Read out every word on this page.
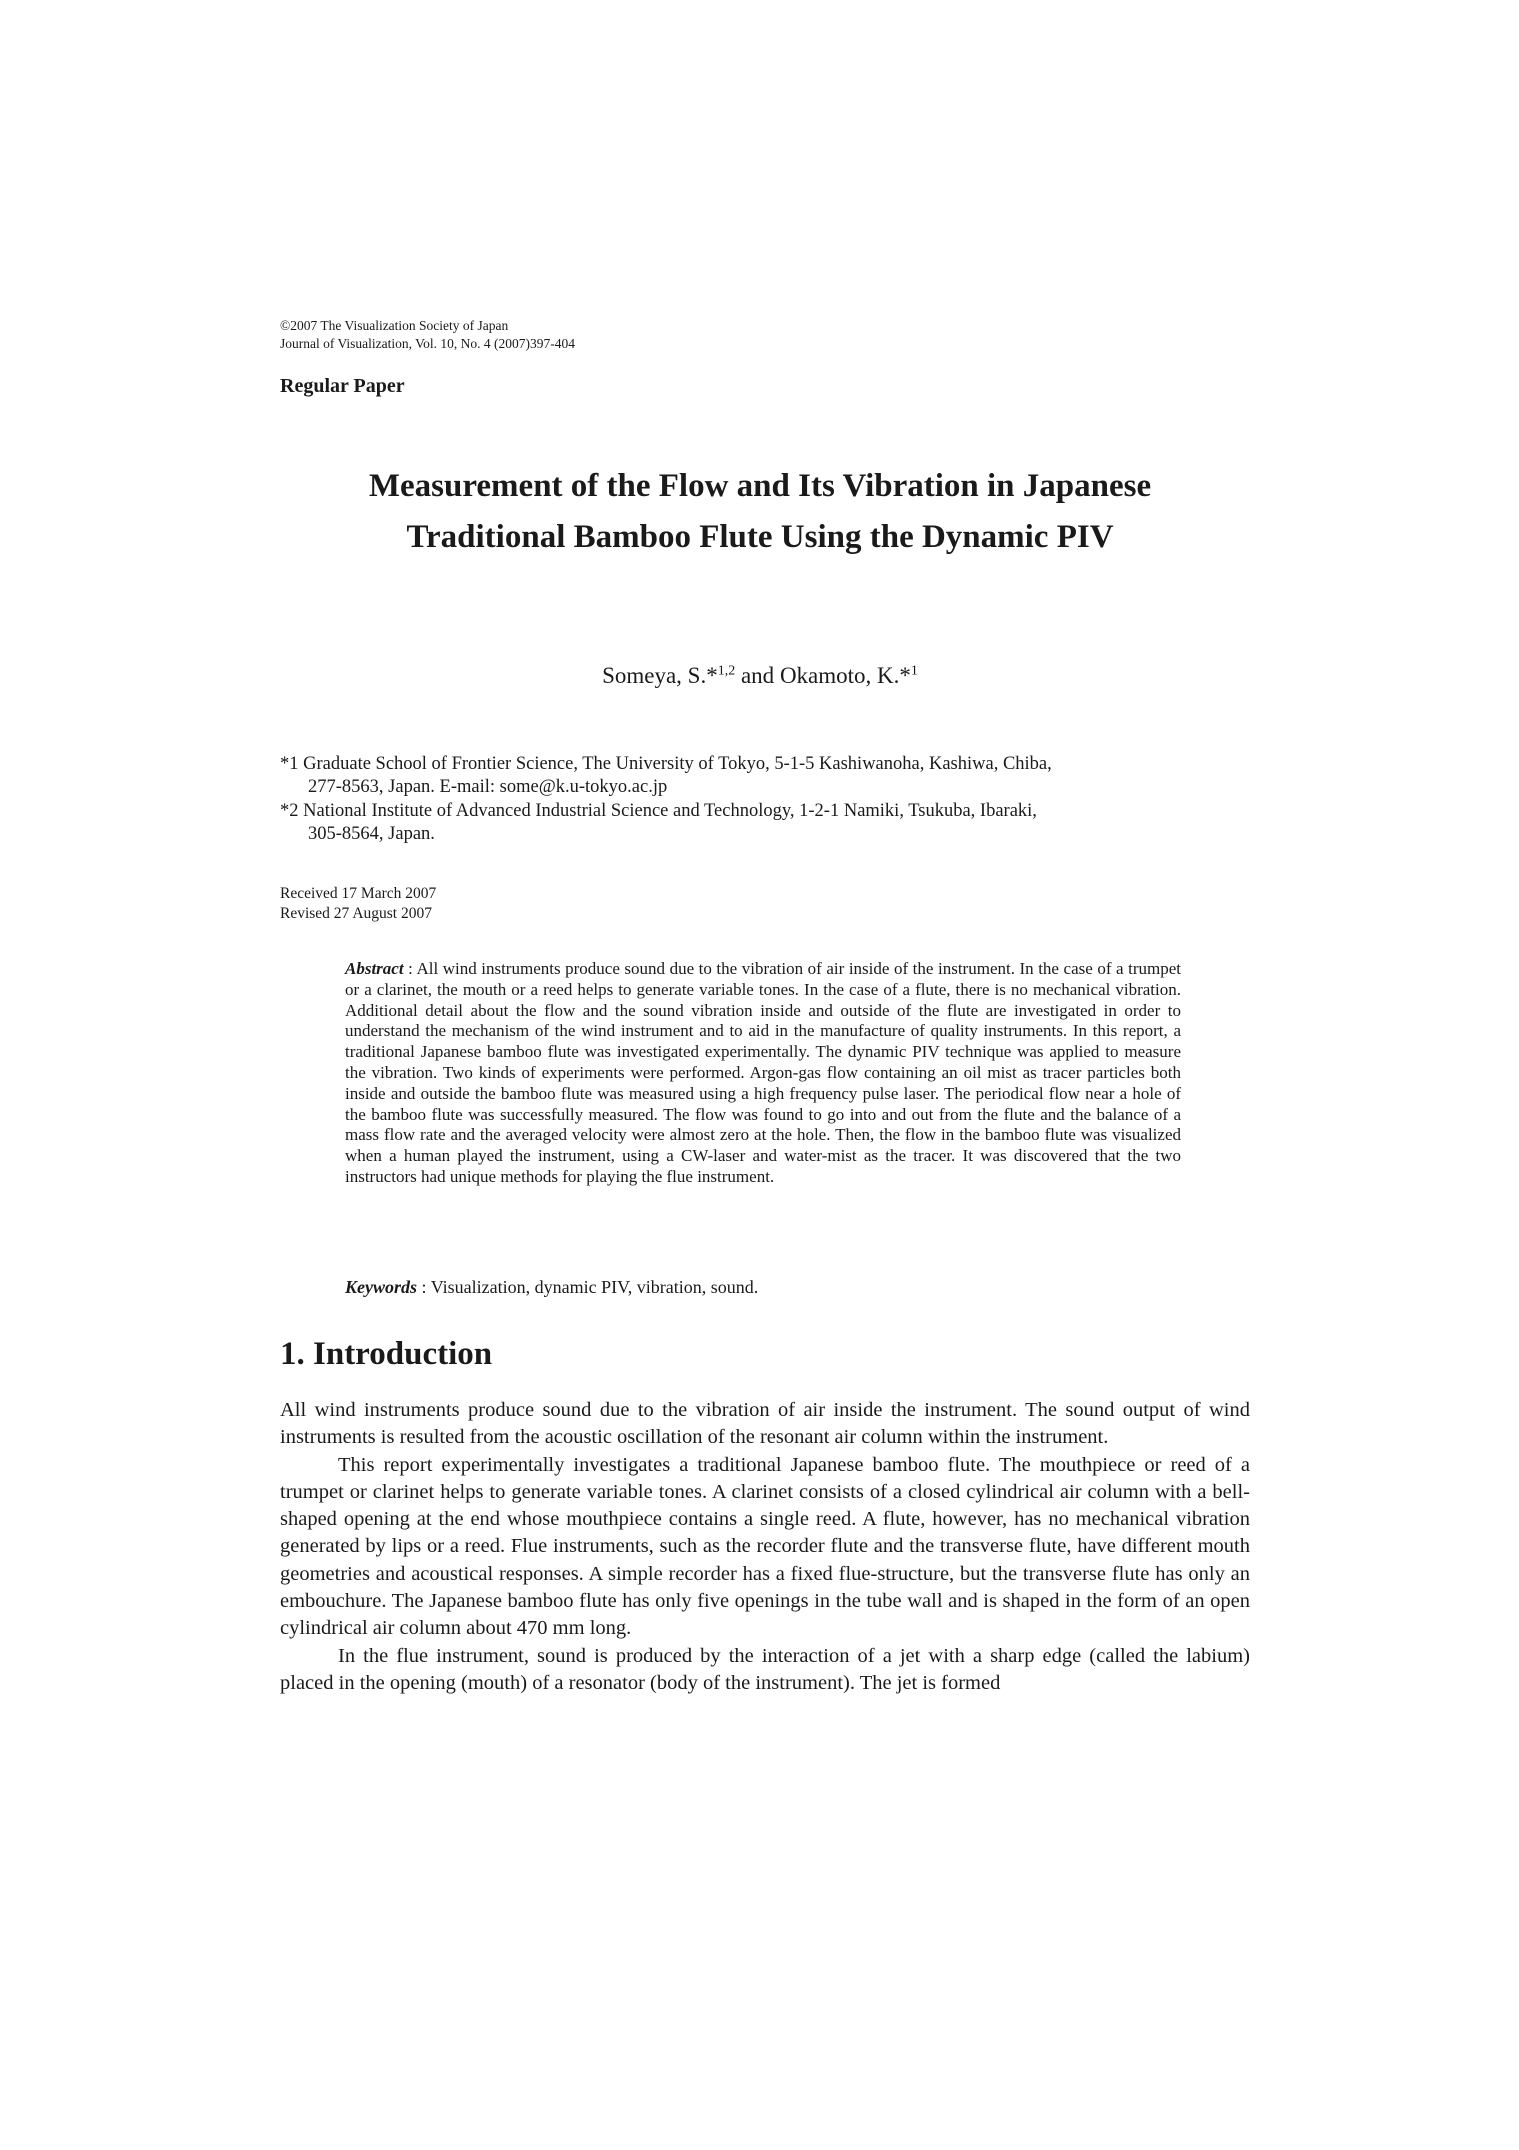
©2007 The Visualization Society of Japan
Journal of Visualization, Vol. 10, No. 4 (2007)397-404
Regular Paper
Measurement of the Flow and Its Vibration in Japanese
Traditional Bamboo Flute Using the Dynamic PIV
Someya, S.*$^{1,2}$ and Okamoto, K.*$^1$
*1 Graduate School of Frontier Science, The University of Tokyo, 5-1-5 Kashiwanoha, Kashiwa, Chiba,
277-8563, Japan. E-mail: some@k.u-tokyo.ac.jp
*2 National Institute of Advanced Industrial Science and Technology, 1-2-1 Namiki, Tsukuba, Ibaraki,
305-8564, Japan.
Received 17 March 2007
Revised 27 August 2007
Abstract : All wind instruments produce sound due to the vibration of air inside of the instrument. In the case of a trumpet or a clarinet, the mouth or a reed helps to generate variable tones. In the case of a flute, there is no mechanical vibration. Additional detail about the flow and the sound vibration inside and outside of the flute are investigated in order to understand the mechanism of the wind instrument and to aid in the manufacture of quality instruments. In this report, a traditional Japanese bamboo flute was investigated experimentally. The dynamic PIV technique was applied to measure the vibration. Two kinds of experiments were performed. Argon-gas flow containing an oil mist as tracer particles both inside and outside the bamboo flute was measured using a high frequency pulse laser. The periodical flow near a hole of the bamboo flute was successfully measured. The flow was found to go into and out from the flute and the balance of a mass flow rate and the averaged velocity were almost zero at the hole. Then, the flow in the bamboo flute was visualized when a human played the instrument, using a CW-laser and water-mist as the tracer. It was discovered that the two instructors had unique methods for playing the flue instrument.
Keywords : Visualization, dynamic PIV, vibration, sound.
1. Introduction

All wind instruments produce sound due to the vibration of air inside the instrument. The sound output of wind instruments is resulted from the acoustic oscillation of the resonant air column within the instrument.

This report experimentally investigates a traditional Japanese bamboo flute. The mouthpiece or reed of a trumpet or clarinet helps to generate variable tones. A clarinet consists of a closed cylindrical air column with a bell-shaped opening at the end whose mouthpiece contains a single reed. A flute, however, has no mechanical vibration generated by lips or a reed. Flue instruments, such as the recorder flute and the transverse flute, have different mouth geometries and acoustical responses. A simple recorder has a fixed flue-structure, but the transverse flute has only an embouchure. The Japanese bamboo flute has only five openings in the tube wall and is shaped in the form of an open cylindrical air column about 470 mm long.

In the flue instrument, sound is produced by the interaction of a jet with a sharp edge (called the labium) placed in the opening (mouth) of a resonator (body of the instrument). The jet is formed
